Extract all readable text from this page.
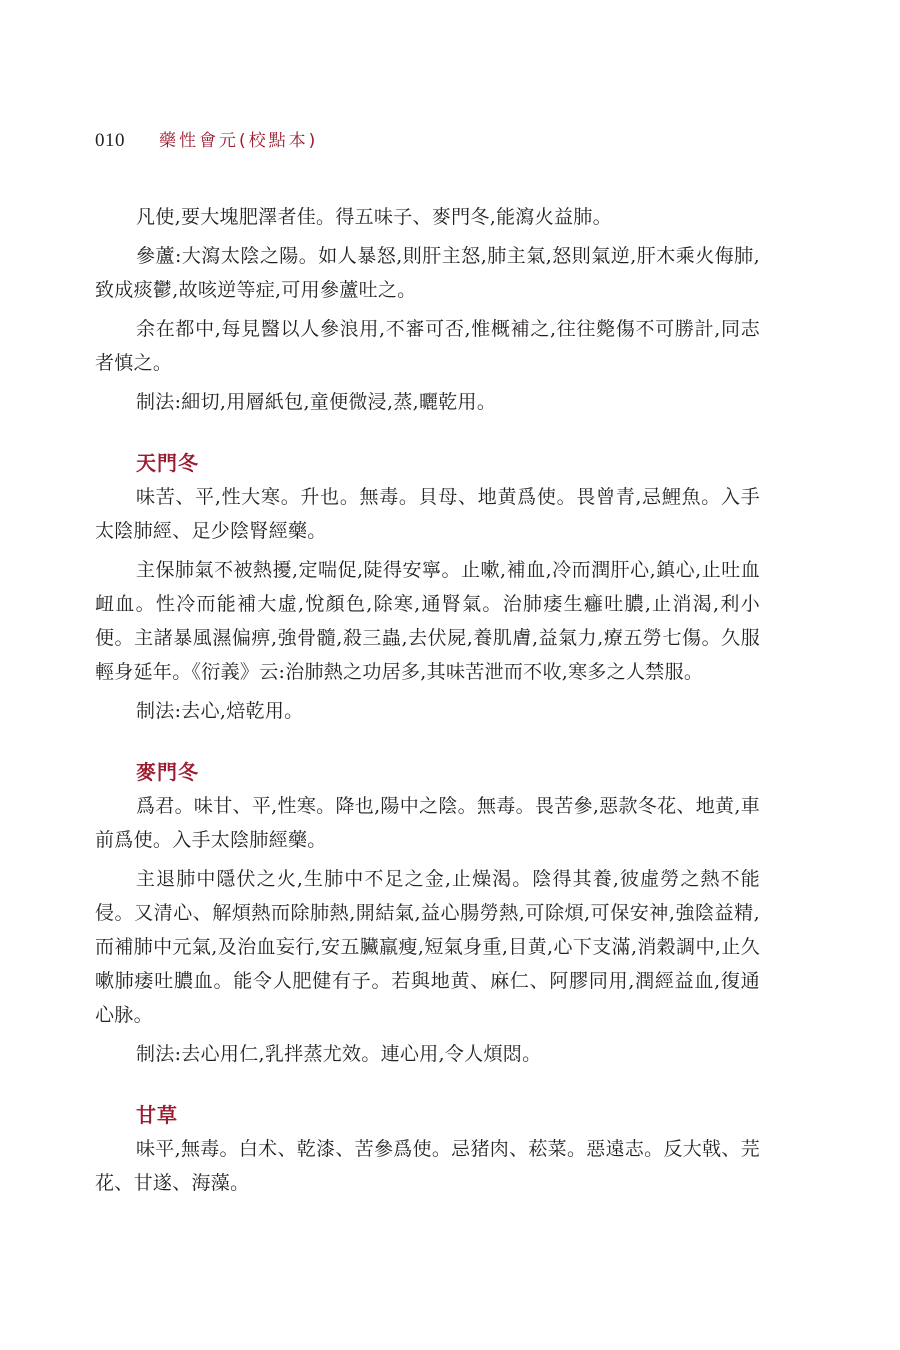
010 藥性會元(校點本)

凡使,要大塊肥澤者佳。得五味子、麥門冬,能瀉火益肺。

參蘆:大瀉太陰之陽。如人暴怒,則肝主怒,肺主氣,怒則氣逆,肝木乘火侮肺,致成痰鬱,故咳逆等症,可用參蘆吐之。

余在都中,每見醫以人參浪用,不審可否,惟概補之,往往斃傷不可勝計,同志者慎之。

制法:細切,用層紙包,童便微浸,蒸,曬乾用。

天門冬

味苦、平,性大寒。升也。無毒。貝母、地黄爲使。畏曾青,忌鯉魚。入手太陰肺經、足少陰腎經藥。

主保肺氣不被熱擾,定喘促,陡得安寧。止嗽,補血,冷而潤肝心,鎮心,止吐血衄血。性冷而能補大虛,悅顏色,除寒,通腎氣。治肺痿生癰吐膿,止消渴,利小便。主諸暴風濕偏痹,強骨髓,殺三蟲,去伏屍,養肌膚,益氣力,療五勞七傷。久服輕身延年。《衍義》云:治肺熱之功居多,其味苦泄而不收,寒多之人禁服。

制法:去心,焙乾用。

麥門冬

爲君。味甘、平,性寒。降也,陽中之陰。無毒。畏苦參,惡款冬花、地黄,車前爲使。入手太陰肺經藥。

主退肺中隱伏之火,生肺中不足之金,止燥渴。陰得其養,彼虛勞之熱不能侵。又清心、解煩熱而除肺熱,開結氣,益心腸勞熱,可除煩,可保安神,強陰益精,而補肺中元氣,及治血妄行,安五臟羸瘦,短氣身重,目黄,心下支滿,消穀調中,止久嗽肺痿吐膿血。能令人肥健有子。若與地黄、麻仁、阿膠同用,潤經益血,復通心脉。

制法:去心用仁,乳拌蒸尤效。連心用,令人煩悶。

甘草

味平,無毒。白术、乾漆、苦參爲使。忌猪肉、菘菜。惡遠志。反大戟、芫花、甘遂、海藻。
